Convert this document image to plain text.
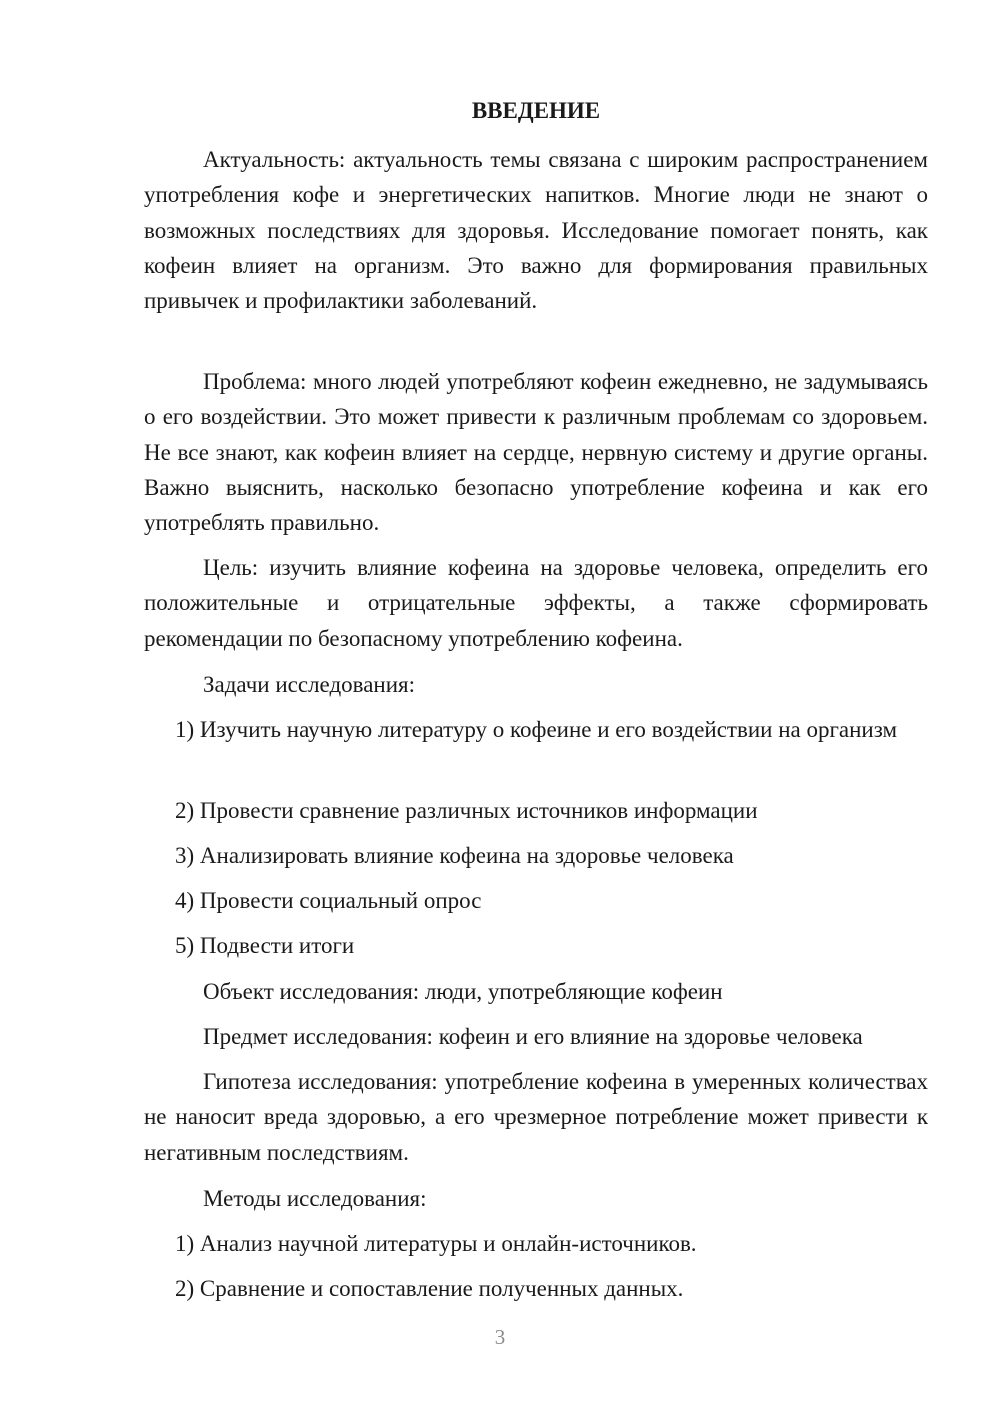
ВВЕДЕНИЕ

Актуальность: актуальность темы связана с широким распространением употребления кофе и энергетических напитков. Многие люди не знают о возможных последствиях для здоровья. Исследование помогает понять, как кофеин влияет на организм. Это важно для формирования правильных привычек и профилактики заболеваний.

Проблема: много людей употребляют кофеин ежедневно, не задумываясь о его воздействии. Это может привести к различным проблемам со здоровьем. Не все знают, как кофеин влияет на сердце, нервную систему и другие органы. Важно выяснить, насколько безопасно употребление кофеина и как его употреблять правильно.

Цель: изучить влияние кофеина на здоровье человека, определить его положительные и отрицательные эффекты, а также сформировать рекомендации по безопасному употреблению кофеина.

Задачи исследования:

1) Изучить научную литературу о кофеине и его воздействии на организм

2) Провести сравнение различных источников информации

3) Анализировать влияние кофеина на здоровье человека

4) Провести социальный опрос

5) Подвести итоги

Объект исследования: люди, употребляющие кофеин

Предмет исследования: кофеин и его влияние на здоровье человека

Гипотеза исследования: употребление кофеина в умеренных количествах не наносит вреда здоровью, а его чрезмерное потребление может привести к негативным последствиям.

Методы исследования:

1) Анализ научной литературы и онлайн-источников.

2) Сравнение и сопоставление полученных данных.

3
